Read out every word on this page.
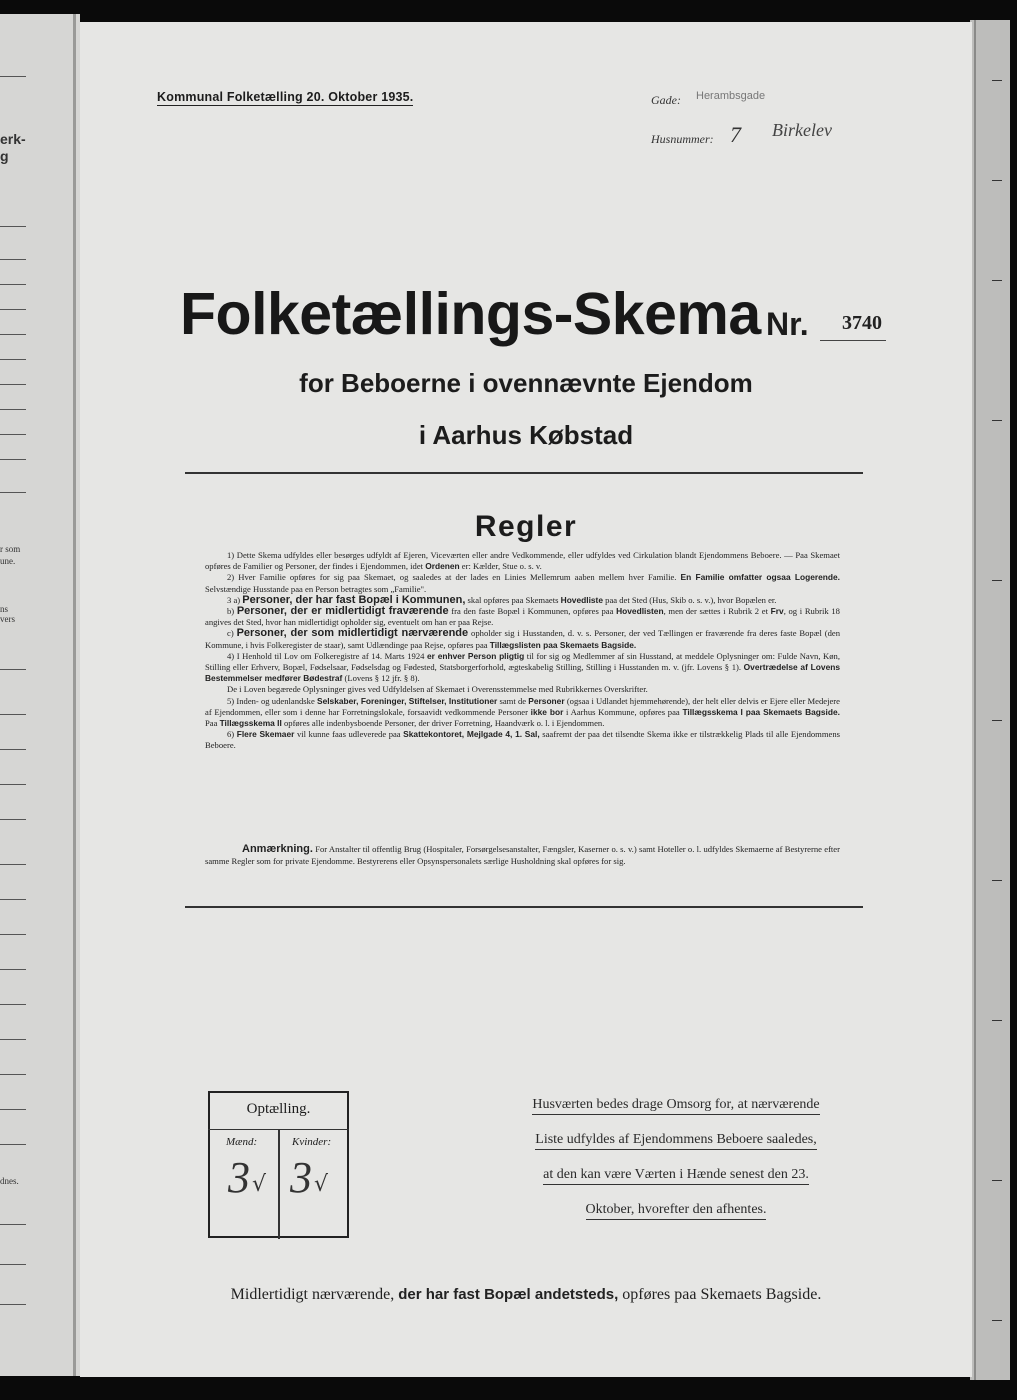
erk-
g
r som
une.
ns
vers
dnes.
Kommunal Folketælling 20. Oktober 1935.	Gade: Herambsgade
Husnummer: 7 Birkelev
Folketællings-Skema Nr. 3740
for Beboerne i ovennævnte Ejendom
i Aarhus Købstad
Regler

1) Dette Skema udfyldes eller besørges udfyldt af Ejeren, Viceværten eller andre Vedkommende, eller udfyldes ved Cirkulation blandt Ejendommens Beboere. — Paa Skemaet opføres de Familier og Personer, der findes i Ejendommen, idet Ordenen er: Kælder, Stue o. s. v.

2) Hver Familie opføres for sig paa Skemaet, og saaledes at der lades en Linies Mellemrum aaben mellem hver Familie. En Familie omfatter ogsaa Logerende. Selvstændige Husstande paa en Person betragtes som „Familie".

3 a) Personer, der har fast Bopæl i Kommunen, skal opføres paa Skemaets Hovedliste paa det Sted (Hus, Skib o. s. v.), hvor Bopælen er.

b) Personer, der er midlertidigt fraværende fra den faste Bopæl i Kommunen, opføres paa Hovedlisten, men der sættes i Rubrik 2 et Frv, og i Rubrik 18 angives det Sted, hvor han midlertidigt opholder sig, eventuelt om han er paa Rejse.

c) Personer, der som midlertidigt nærværende opholder sig i Husstanden, d. v. s. Personer, der ved Tællingen er fraværende fra deres faste Bopæl (den Kommune, i hvis Folkeregister de staar), samt Udlændinge paa Rejse, opføres paa Tillægslisten paa Skemaets Bagside.

4) I Henhold til Lov om Folkeregistre af 14. Marts 1924 er enhver Person pligtig til for sig og Medlemmer af sin Husstand, at meddele Oplysninger om: Fulde Navn, Køn, Stilling eller Erhverv, Bopæl, Fødselsaar, Fødselsdag og Fødested, Statsborgerforhold, ægteskabelig Stilling, Stilling i Husstanden m. v. (jfr. Lovens § 1). Overtrædelse af Lovens Bestemmelser medfører Bødestraf (Lovens § 12 jfr. § 8).

De i Loven begærede Oplysninger gives ved Udfyldelsen af Skemaet i Overensstemmelse med Rubrikkernes Overskrifter.

5) Inden- og udenlandske Selskaber, Foreninger, Stiftelser, Institutioner samt de Personer (ogsaa i Udlandet hjemmehørende), der helt eller delvis er Ejere eller Medejere af Ejendommen, eller som i denne har Forretningslokale, forsaavidt vedkommende Personer ikke bor i Aarhus Kommune, opføres paa Tillægsskema I paa Skemaets Bagside. Paa Tillægsskema II opføres alle indenbysboende Personer, der driver Forretning, Haandværk o. l. i Ejendommen.

6) Flere Skemaer vil kunne faas udleverede paa Skattekontoret, Mejlgade 4, 1. Sal, saafremt der paa det tilsendte Skema ikke er tilstrækkelig Plads til alle Ejendommens Beboere.

Anmærkning. For Anstalter til offentlig Brug (Hospitaler, Forsørgelsesanstalter, Fængsler, Kaserner o. s. v.) samt Hoteller o. l. udfyldes Skemaerne af Bestyrerne efter samme Regler som for private Ejendomme. Bestyrerens eller Opsynspersonalets særlige Husholdning skal opføres for sig.

Optælling.
Mænd:	Kvinder:
3 √ 3 √
Husværten bedes drage Omsorg for, at nærværende
Liste udfyldes af Ejendommens Beboere saaledes,
at den kan være Værten i Hænde senest den 23.
Oktober, hvorefter den afhentes.
Midlertidigt nærværende, der har fast Bopæl andetsteds, opføres paa Skemaets Bagside.
